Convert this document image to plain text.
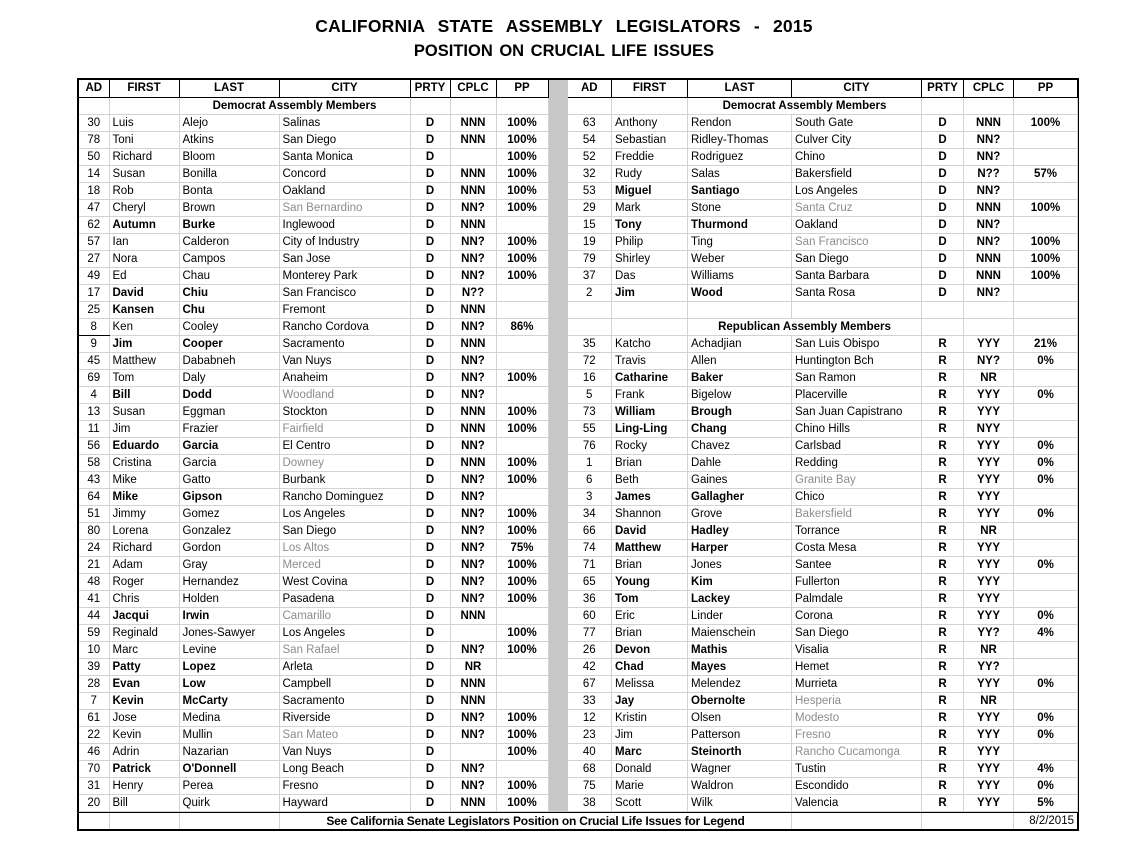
CALIFORNIA STATE ASSEMBLY LEGISLATORS - 2015
POSITION ON CRUCIAL LIFE ISSUES
AD	FIRST	LAST	CITY	PRTY	CPLC	PP
		Democrat Assembly Members				
30	Luis	Alejo	Salinas	D	NNN	100%
78	Toni	Atkins	San Diego	D	NNN	100%
50	Richard	Bloom	Santa Monica	D		100%
14	Susan	Bonilla	Concord	D	NNN	100%
18	Rob	Bonta	Oakland	D	NNN	100%
47	Cheryl	Brown	San Bernardino	D	NN?	100%
62	Autumn	Burke	Inglewood	D	NNN	
57	Ian	Calderon	City of Industry	D	NN?	100%
27	Nora	Campos	San Jose	D	NN?	100%
49	Ed	Chau	Monterey Park	D	NN?	100%
17	David	Chiu	San Francisco	D	N??	
25	Kansen	Chu	Fremont	D	NNN	
8	Ken	Cooley	Rancho Cordova	D	NN?	86%
9	Jim	Cooper	Sacramento	D	NNN	
45	Matthew	Dababneh	Van Nuys	D	NN?	
69	Tom	Daly	Anaheim	D	NN?	100%
4	Bill	Dodd	Woodland	D	NN?	
13	Susan	Eggman	Stockton	D	NNN	100%
11	Jim	Frazier	Fairfield	D	NNN	100%
56	Eduardo	Garcia	El Centro	D	NN?	
58	Cristina	Garcia	Downey	D	NNN	100%
43	Mike	Gatto	Burbank	D	NN?	100%
64	Mike	Gipson	Rancho Dominguez	D	NN?	
51	Jimmy	Gomez	Los Angeles	D	NN?	100%
80	Lorena	Gonzalez	San Diego	D	NN?	100%
24	Richard	Gordon	Los Altos	D	NN?	75%
21	Adam	Gray	Merced	D	NN?	100%
48	Roger	Hernandez	West Covina	D	NN?	100%
41	Chris	Holden	Pasadena	D	NN?	100%
44	Jacqui	Irwin	Camarillo	D	NNN	
59	Reginald	Jones-Sawyer	Los Angeles	D		100%
10	Marc	Levine	San Rafael	D	NN?	100%
39	Patty	Lopez	Arleta	D	NR	
28	Evan	Low	Campbell	D	NNN	
7	Kevin	McCarty	Sacramento	D	NNN	
61	Jose	Medina	Riverside	D	NN?	100%
22	Kevin	Mullin	San Mateo	D	NN?	100%
46	Adrin	Nazarian	Van Nuys	D		100%
70	Patrick	O'Donnell	Long Beach	D	NN?	
31	Henry	Perea	Fresno	D	NN?	100%
20	Bill	Quirk	Hayward	D	NNN	100%
AD	FIRST	LAST	CITY	PRTY	CPLC	PP
		Democrat Assembly Members				
63	Anthony	Rendon	South Gate	D	NNN	100%
54	Sebastian	Ridley-Thomas	Culver City	D	NN?	
52	Freddie	Rodriguez	Chino	D	NN?	
32	Rudy	Salas	Bakersfield	D	N??	57%
53	Miguel	Santiago	Los Angeles	D	NN?	
29	Mark	Stone	Santa Cruz	D	NNN	100%
15	Tony	Thurmond	Oakland	D	NN?	
19	Philip	Ting	San Francisco	D	NN?	100%
79	Shirley	Weber	San Diego	D	NNN	100%
37	Das	Williams	Santa Barbara	D	NNN	100%
2	Jim	Wood	Santa Rosa	D	NN?	

		Republican Assembly Members				
35	Katcho	Achadjian	San Luis Obispo	R	YYY	21%
72	Travis	Allen	Huntington Bch	R	NY?	0%
16	Catharine	Baker	San Ramon	R	NR	
5	Frank	Bigelow	Placerville	R	YYY	0%
73	William	Brough	San Juan Capistrano	R	YYY	
55	Ling-Ling	Chang	Chino Hills	R	NYY	
76	Rocky	Chavez	Carlsbad	R	YYY	0%
1	Brian	Dahle	Redding	R	YYY	0%
6	Beth	Gaines	Granite Bay	R	YYY	0%
3	James	Gallagher	Chico	R	YYY	
34	Shannon	Grove	Bakersfield	R	YYY	0%
66	David	Hadley	Torrance	R	NR	
74	Matthew	Harper	Costa Mesa	R	YYY	
71	Brian	Jones	Santee	R	YYY	0%
65	Young	Kim	Fullerton	R	YYY	
36	Tom	Lackey	Palmdale	R	YYY	
60	Eric	Linder	Corona	R	YYY	0%
77	Brian	Maienschein	San Diego	R	YY?	4%
26	Devon	Mathis	Visalia	R	NR	
42	Chad	Mayes	Hemet	R	YY?	
67	Melissa	Melendez	Murrieta	R	YYY	0%
33	Jay	Obernolte	Hesperia	R	NR	
12	Kristin	Olsen	Modesto	R	YYY	0%
23	Jim	Patterson	Fresno	R	YYY	0%
40	Marc	Steinorth	Rancho Cucamonga	R	YYY	
68	Donald	Wagner	Tustin	R	YYY	4%
75	Marie	Waldron	Escondido	R	YYY	0%
38	Scott	Wilk	Valencia	R	YYY	5%
See California Senate Legislators Position on Crucial Life Issues for Legend	8/2/2015
